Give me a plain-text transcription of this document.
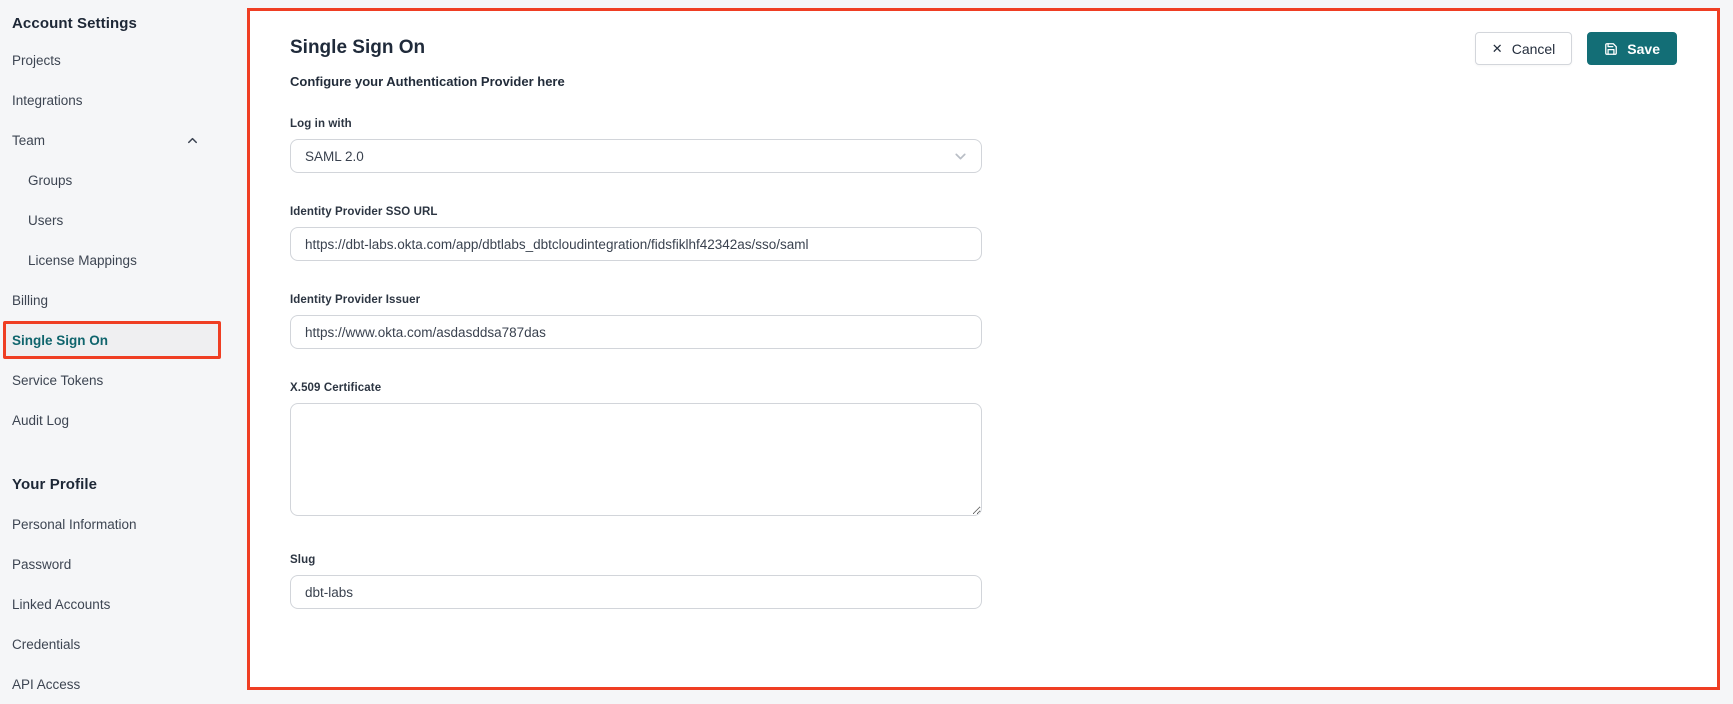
Account Settings
Projects
Integrations
Team
Groups
Users
License Mappings
Billing
Single Sign On
Service Tokens
Audit Log
Your Profile
Personal Information
Password
Linked Accounts
Credentials
API Access
Single Sign On
Configure your Authentication Provider here
✕ Cancel	Save
Log in with
SAML 2.0
Identity Provider SSO URL
https://dbt-labs.okta.com/app/dbtlabs_dbtcloudintegration/fidsfiklhf42342as/sso/saml
Identity Provider Issuer
https://www.okta.com/asdasddsa787das
X.509 Certificate
Slug
dbt-labs
